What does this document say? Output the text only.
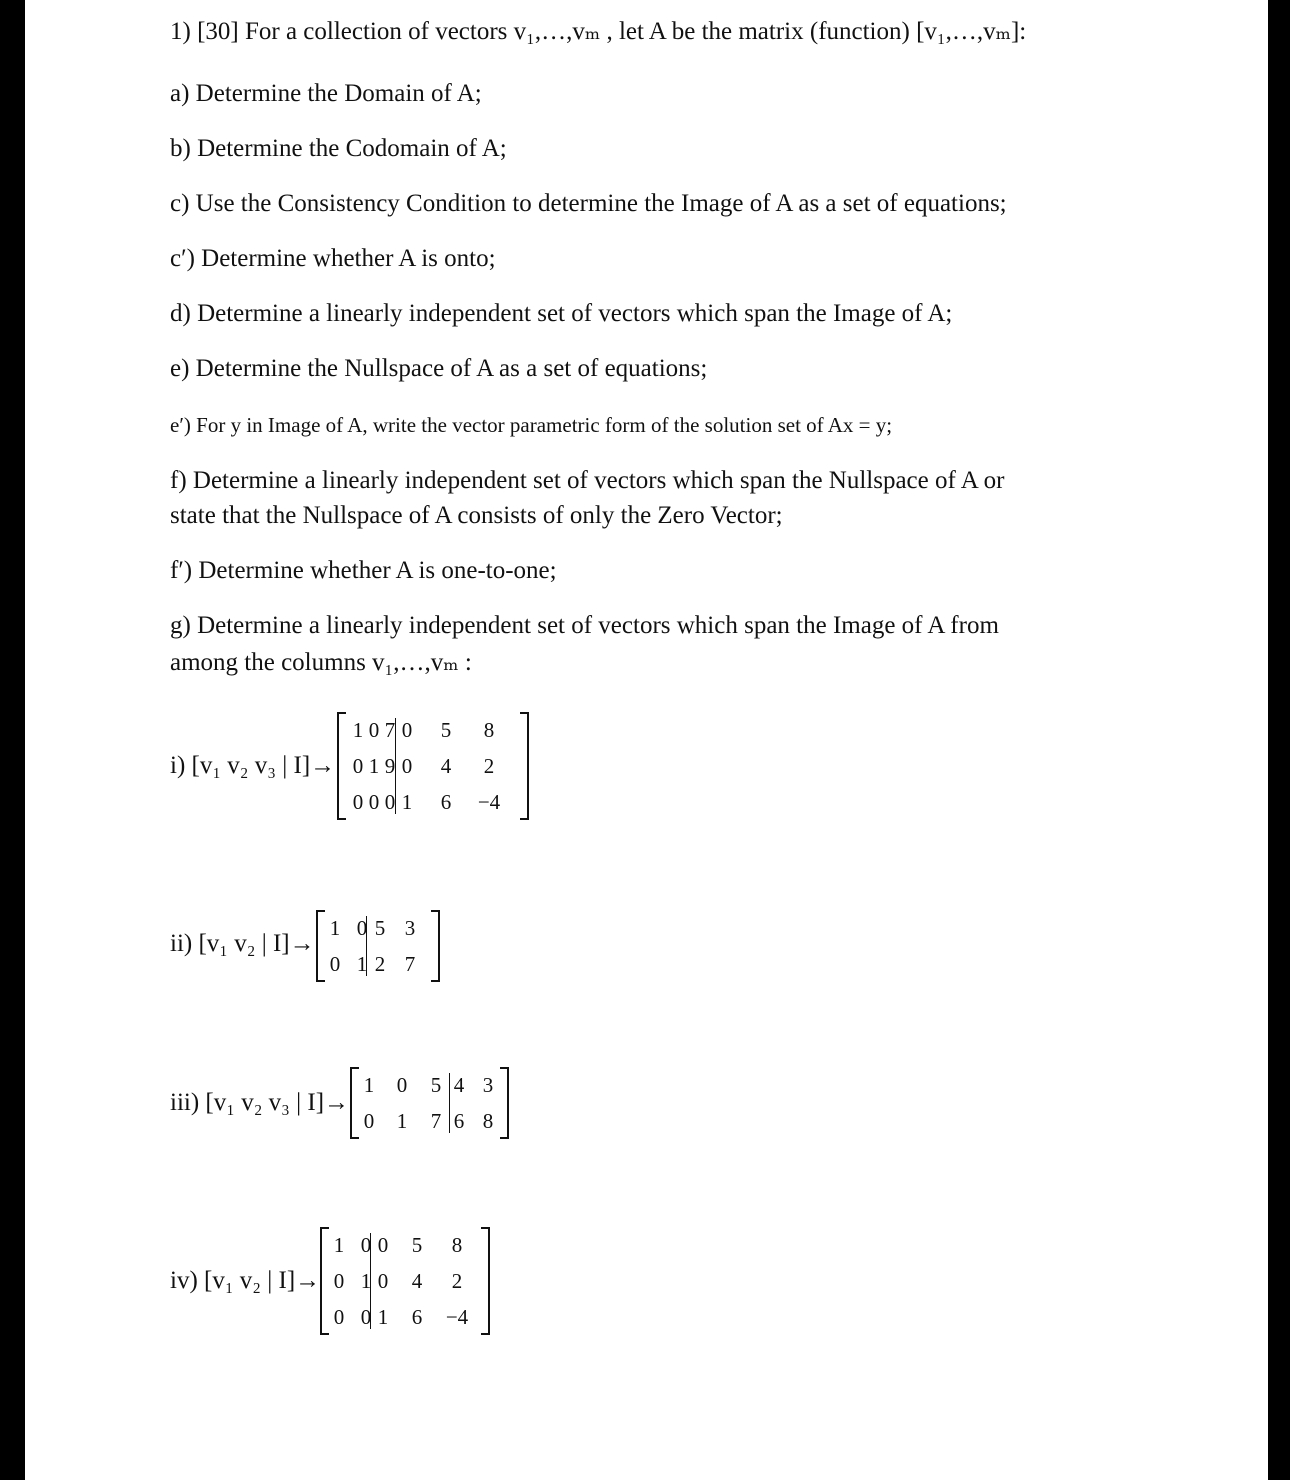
1) [30] For a collection of vectors v₁,…,vₘ , let A be the matrix (function) [v₁,…,vₘ]:
a) Determine the Domain of A;
b) Determine the Codomain of A;
c) Use the Consistency Condition to determine the Image of A as a set of equations;
c′) Determine whether A is onto;
d) Determine a linearly independent set of vectors which span the Image of A;
e) Determine the Nullspace of A as a set of equations;
e′) For y in Image of A, write the vector parametric form of the solution set of Ax = y;
f) Determine a linearly independent set of vectors which span the Nullspace of A or
state that the Nullspace of A consists of only the Zero Vector;
f′) Determine whether A is one-to-one;
g) Determine a linearly independent set of vectors which span the Image of A from
among the columns v₁,…,vₘ :
i) [v₁ v₂ v₃ | I]→
1 0 7 0	5	8
0 1 9 0	4	2
0 0 0 1	6	−4
ii) [v₁ v₂ | I]→
1 0 5 3
0 1 2 7
iii) [v₁ v₂ v₃ | I]→
1	0	5 4 3
0	1	7 6 8
iv) [v₁ v₂ | I]→
1 0 0	5	8
0 1 0	4	2
0 0 1	6	−4
